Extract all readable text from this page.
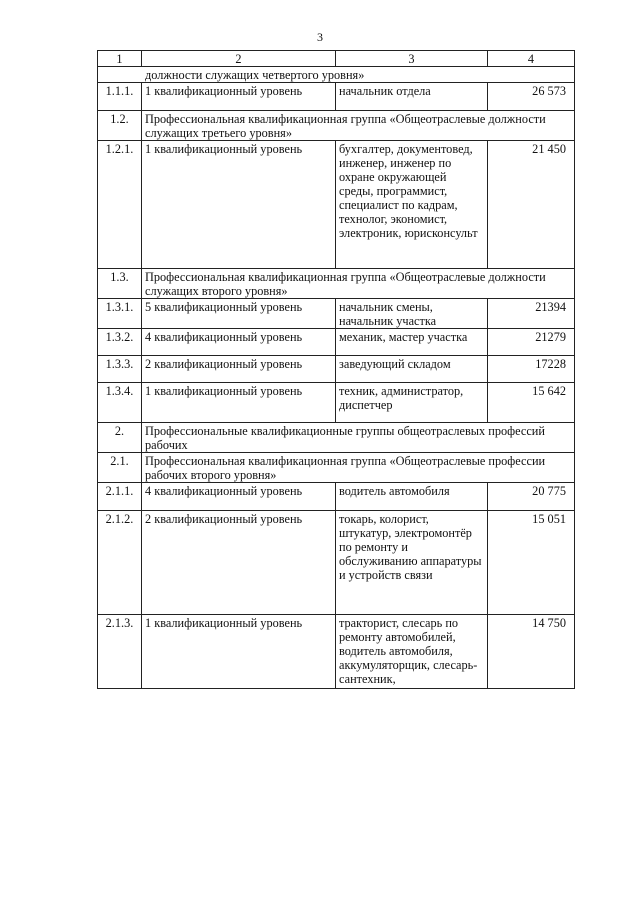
3
1	2	3	4
должности служащих четвертого уровня»			
1.1.1.	1 квалификационный уровень	начальник отдела	26 573
1.2.	Профессиональная квалификационная группа «Общеотраслевые должности служащих третьего уровня»		
1.2.1.	1 квалификационный уровень	бухгалтер, документовед, инженер, инженер по охране окружающей среды, программист, специалист по кадрам, технолог, экономист, электроник, юрисконсульт	21 450
1.3.	Профессиональная квалификационная группа «Общеотраслевые должности служащих второго уровня»		
1.3.1.	5 квалификационный уровень	начальник смены, начальник участка	21394
1.3.2.	4 квалификационный уровень	механик, мастер участка	21279
1.3.3.	2 квалификационный уровень	заведующий складом	17228
1.3.4.	1 квалификационный уровень	техник, администратор, диспетчер	15 642
2.	Профессиональные квалификационные группы общеотраслевых профессий рабочих		
2.1.	Профессиональная квалификационная группа «Общеотраслевые профессии рабочих второго уровня»		
2.1.1.	4 квалификационный уровень	водитель автомобиля	20 775
2.1.2.	2 квалификационный уровень	токарь, колорист, штукатур, электромонтёр по ремонту и обслуживанию аппаратуры и устройств связи	15 051
2.1.3.	1 квалификационный уровень	тракторист, слесарь по ремонту автомобилей, водитель автомобиля, аккумуляторщик, слесарь-сантехник,	14 750
